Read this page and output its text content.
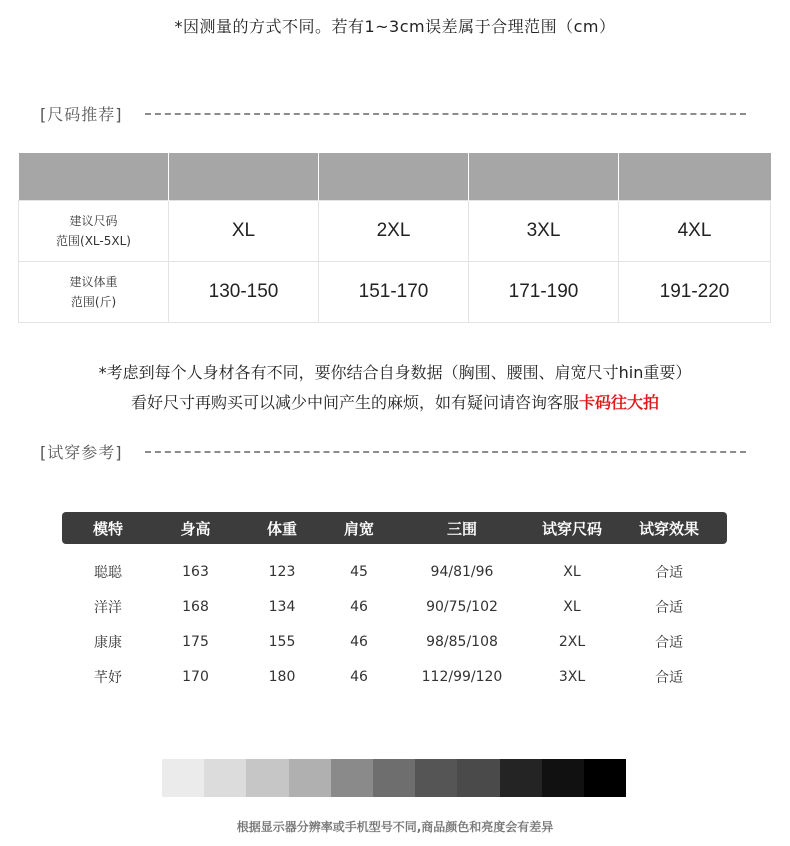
*因测量的方式不同。若有1~3cm误差属于合理范围（cm）
[尺码推荐]

建议尺码
范围(XL-5XL)	XL	2XL	3XL	4XL

建议体重
范围(斤)	130-150	151-170	171-190	191-220
*考虑到每个人身材各有不同，要你结合自身数据（胸围、腰围、肩宽尺寸hin重要）
看好尺寸再购买可以减少中间产生的麻烦，如有疑问请咨询客服卡码往大拍
[试穿参考]
模特	身高	体重	肩宽	三围	试穿尺码	试穿效果
聪聪	163	123	45	94/81/96	XL	合适
洋洋	168	134	46	90/75/102	XL	合适
康康	175	155	46	98/85/108	2XL	合适
芊妤	170	180	46	112/99/120	3XL	合适
根据显示器分辨率或手机型号不同,商品颜色和亮度会有差异
